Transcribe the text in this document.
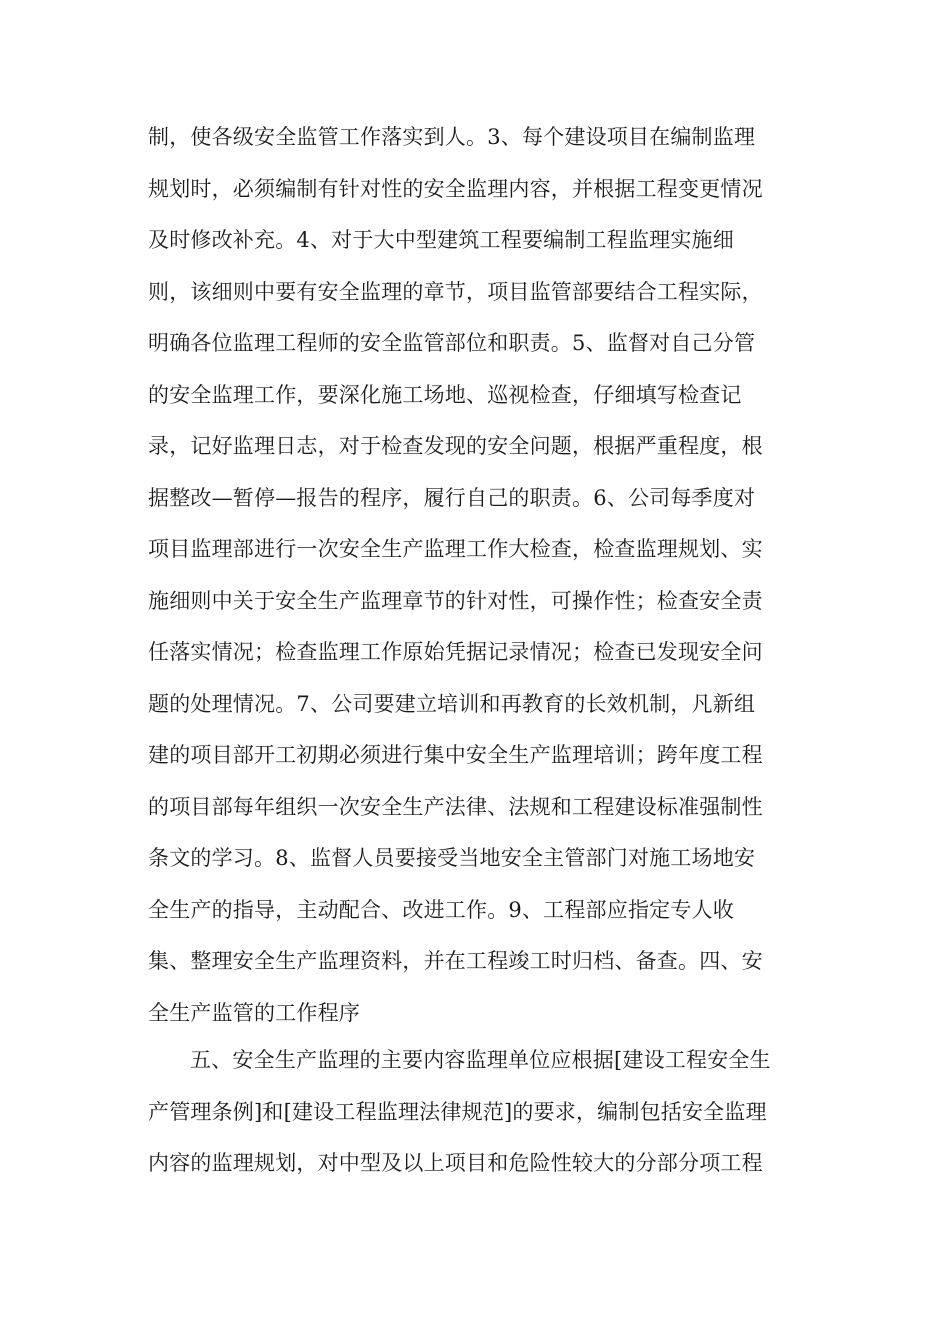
制，使各级安全监管工作落实到人。3、每个建设项目在编制监理
规划时，必须编制有针对性的安全监理内容，并根据工程变更情况
及时修改补充。4、对于大中型建筑工程要编制工程监理实施细
则，该细则中要有安全监理的章节，项目监管部要结合工程实际，
明确各位监理工程师的安全监管部位和职责。5、监督对自己分管
的安全监理工作，要深化施工场地、巡视检查，仔细填写检查记
录，记好监理日志，对于检查发现的安全问题，根据严重程度，根
据整改—暂停—报告的程序，履行自己的职责。6、公司每季度对
项目监理部进行一次安全生产监理工作大检查，检查监理规划、实
施细则中关于安全生产监理章节的针对性，可操作性；检查安全责
任落实情况；检查监理工作原始凭据记录情况；检查已发现安全问
题的处理情况。7、公司要建立培训和再教育的长效机制，凡新组
建的项目部开工初期必须进行集中安全生产监理培训；跨年度工程
的项目部每年组织一次安全生产法律、法规和工程建设标准强制性
条文的学习。8、监督人员要接受当地安全主管部门对施工场地安
全生产的指导，主动配合、改进工作。9、工程部应指定专人收
集、整理安全生产监理资料，并在工程竣工时归档、备查。四、安
全生产监管的工作程序
五、安全生产监理的主要内容监理单位应根据[建设工程安全生
产管理条例]和[建设工程监理法律规范]的要求，编制包括安全监理
内容的监理规划，对中型及以上项目和危险性较大的分部分项工程
